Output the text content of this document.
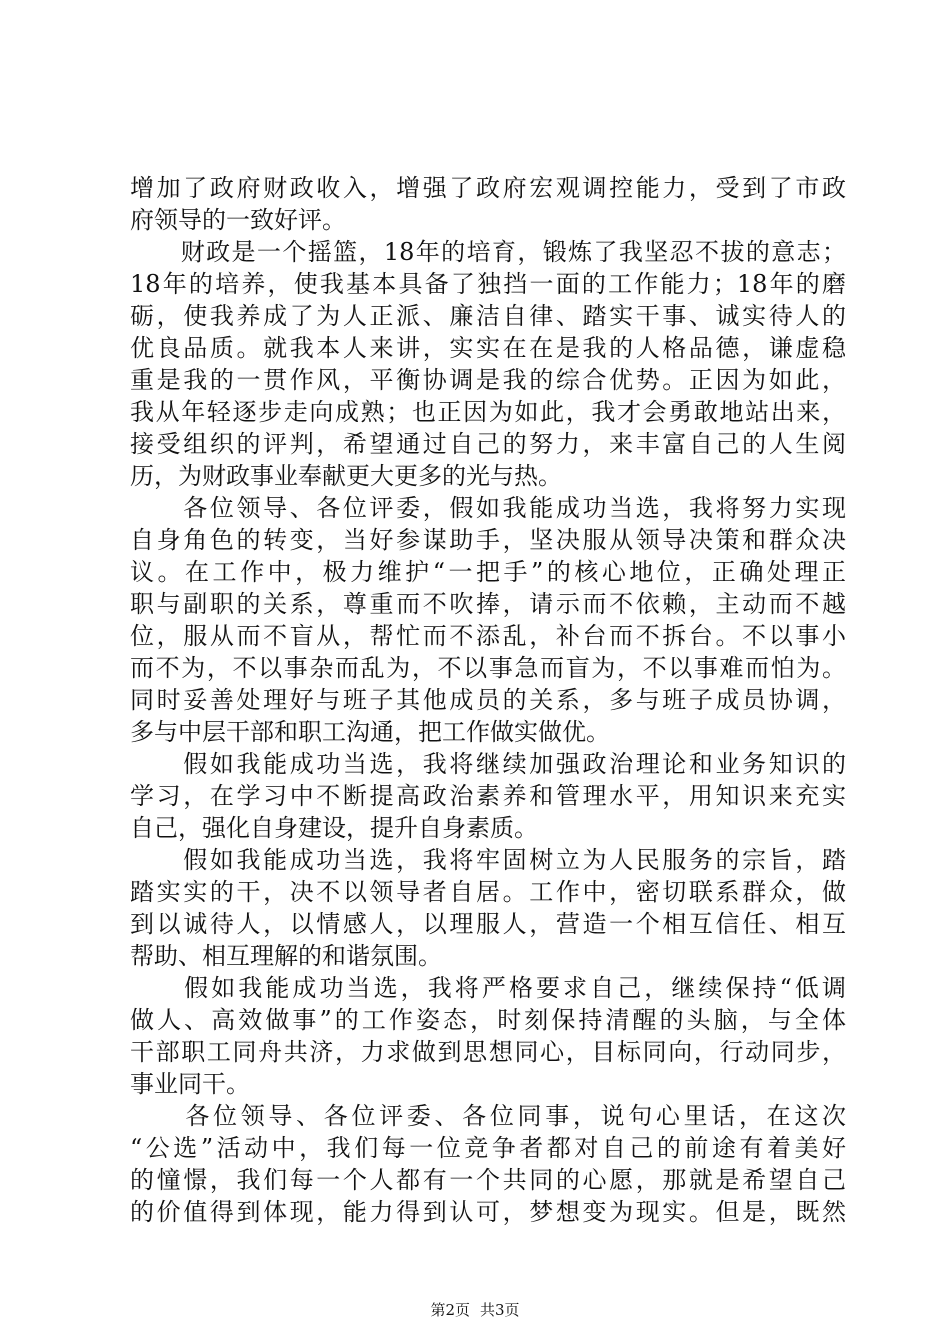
增加了政府财政收入，增强了政府宏观调控能力，受到了市政
府领导的一致好评。
　　财政是一个摇篮，18年的培育，锻炼了我坚忍不拔的意志；
18年的培养，使我基本具备了独挡一面的工作能力；18年的磨
砺，使我养成了为人正派、廉洁自律、踏实干事、诚实待人的
优良品质。就我本人来讲，实实在在是我的人格品德，谦虚稳
重是我的一贯作风，平衡协调是我的综合优势。正因为如此，
我从年轻逐步走向成熟；也正因为如此，我才会勇敢地站出来，
接受组织的评判，希望通过自己的努力，来丰富自己的人生阅
历，为财政事业奉献更大更多的光与热。
　　各位领导、各位评委，假如我能成功当选，我将努力实现
自身角色的转变，当好参谋助手，坚决服从领导决策和群众决
议。在工作中，极力维护“一把手”的核心地位，正确处理正
职与副职的关系，尊重而不吹捧，请示而不依赖，主动而不越
位，服从而不盲从，帮忙而不添乱，补台而不拆台。不以事小
而不为，不以事杂而乱为，不以事急而盲为，不以事难而怕为。
同时妥善处理好与班子其他成员的关系，多与班子成员协调，
多与中层干部和职工沟通，把工作做实做优。
　　假如我能成功当选，我将继续加强政治理论和业务知识的
学习，在学习中不断提高政治素养和管理水平，用知识来充实
自己，强化自身建设，提升自身素质。
　　假如我能成功当选，我将牢固树立为人民服务的宗旨，踏
踏实实的干，决不以领导者自居。工作中，密切联系群众，做
到以诚待人，以情感人，以理服人，营造一个相互信任、相互
帮助、相互理解的和谐氛围。
　　假如我能成功当选，我将严格要求自己，继续保持“低调
做人、高效做事”的工作姿态，时刻保持清醒的头脑，与全体
干部职工同舟共济，力求做到思想同心，目标同向，行动同步，
事业同干。
　　各位领导、各位评委、各位同事，说句心里话，在这次
“公选”活动中，我们每一位竞争者都对自己的前途有着美好
的憧憬，我们每一个人都有一个共同的心愿，那就是希望自己
的价值得到体现，能力得到认可，梦想变为现实。但是，既然
第2页 共3页
